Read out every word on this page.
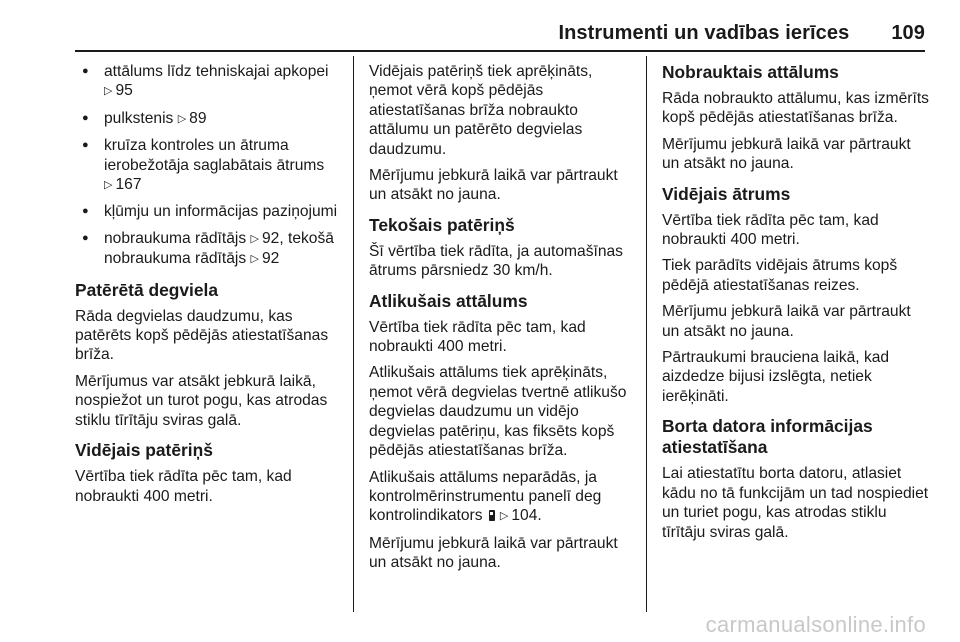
Instrumenti un vadības ierīces 109
● attālums līdz tehniskajai apkopei ▷ 95
● pulkstenis ▷ 89
● kruīza kontroles un ātruma ierobežotāja saglabātais ātrums ▷ 167
● kļūmju un informācijas paziņojumi
● nobraukuma rādītājs ▷ 92, tekošā nobraukuma rādītājs ▷ 92
Patērētā degviela

Rāda degvielas daudzumu, kas patērēts kopš pēdējās atiestatīšanas brīža.

Mērījumus var atsākt jebkurā laikā, nospiežot un turot pogu, kas atrodas stiklu tīrītāju sviras galā.

Vidējais patēriņš

Vērtība tiek rādīta pēc tam, kad nobraukti 400 metri.

Vidējais patēriņš tiek aprēķināts, ņemot vērā kopš pēdējās atiestatīšanas brīža nobraukto attālumu un patērēto degvielas daudzumu.

Mērījumu jebkurā laikā var pārtraukt un atsākt no jauna.

Tekošais patēriņš

Šī vērtība tiek rādīta, ja automašīnas ātrums pārsniedz 30 km/h.

Atlikušais attālums

Vērtība tiek rādīta pēc tam, kad nobraukti 400 metri.

Atlikušais attālums tiek aprēķināts, ņemot vērā degvielas tvertnē atlikušo degvielas daudzumu un vidējo degvielas patēriņu, kas fiksēts kopš pēdējās atiestatīšanas brīža.

Atlikušais attālums neparādās, ja kontrolmērinstrumentu panelī deg kontrolindikators ▷ 104.

Mērījumu jebkurā laikā var pārtraukt un atsākt no jauna.

Nobrauktais attālums

Rāda nobraukto attālumu, kas izmērīts kopš pēdējās atiestatīšanas brīža.

Mērījumu jebkurā laikā var pārtraukt un atsākt no jauna.

Vidējais ātrums

Vērtība tiek rādīta pēc tam, kad nobraukti 400 metri.

Tiek parādīts vidējais ātrums kopš pēdējā atiestatīšanas reizes.

Mērījumu jebkurā laikā var pārtraukt un atsākt no jauna.

Pārtraukumi brauciena laikā, kad aizdedze bijusi izslēgta, netiek ierēķināti.

Borta datora informācijas atiestatīšana

Lai atiestatītu borta datoru, atlasiet kādu no tā funkcijām un tad nospiediet un turiet pogu, kas atrodas stiklu tīrītāju sviras galā.

carmanualsonline.info
